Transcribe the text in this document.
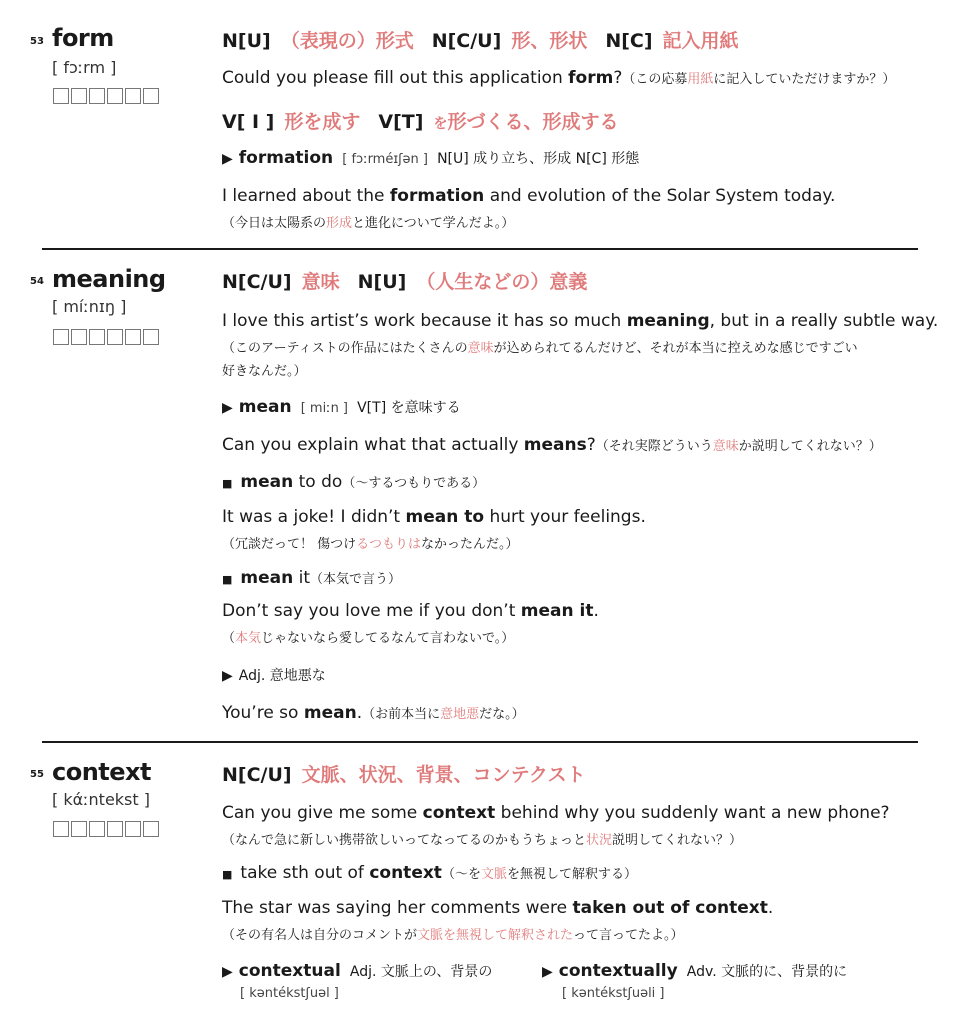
53 form
[ fɔːrm ]
N[U] （表現の）形式 N[C/U] 形、形状 N[C] 記入用紙
Could you please fill out this application form?（この応募用紙に記入していただけますか？）
V[ I ] 形を成す V[T] を形づくる、形成する
▶ formation [ fɔːrméɪʃən ] N[U] 成り立ち、形成 N[C] 形態
I learned about the formation and evolution of the Solar System today.
（今日は太陽系の形成と進化について学んだよ。）
54 meaning
[ míːnɪŋ ]
N[C/U] 意味 N[U] （人生などの）意義
I love this artist’s work because it has so much meaning, but in a really subtle way.
（このアーティストの作品にはたくさんの意味が込められてるんだけど、それが本当に控えめな感じですごい
好きなんだ。）
▶ mean [ miːn ] V[T] を意味する
Can you explain what that actually means?（それ実際どういう意味か説明してくれない？）
■ mean to do（～するつもりである）
It was a joke! I didn’t mean to hurt your feelings.
（冗談だって！ 傷つけるつもりはなかったんだ。）
■ mean it（本気で言う）
Don’t say you love me if you don’t mean it.
（本気じゃないなら愛してるなんて言わないで。）
▶ Adj. 意地悪な
You’re so mean.（お前本当に意地悪だな。）
55 context
[ kάːntekst ]
N[C/U] 文脈、状況、背景、コンテクスト
Can you give me some context behind why you suddenly want a new phone?
（なんで急に新しい携帯欲しいってなってるのかもうちょっと状況説明してくれない？）
■ take sth out of context（～を文脈を無視して解釈する）
The star was saying her comments were taken out of context.
（その有名人は自分のコメントが文脈を無視して解釈されたって言ってたよ。）
▶ contextual Adj. 文脈上の、背景の
[ kəntékstʃuəl ]
▶ contextually Adv. 文脈的に、背景的に
[ kəntékstʃuəli ]
